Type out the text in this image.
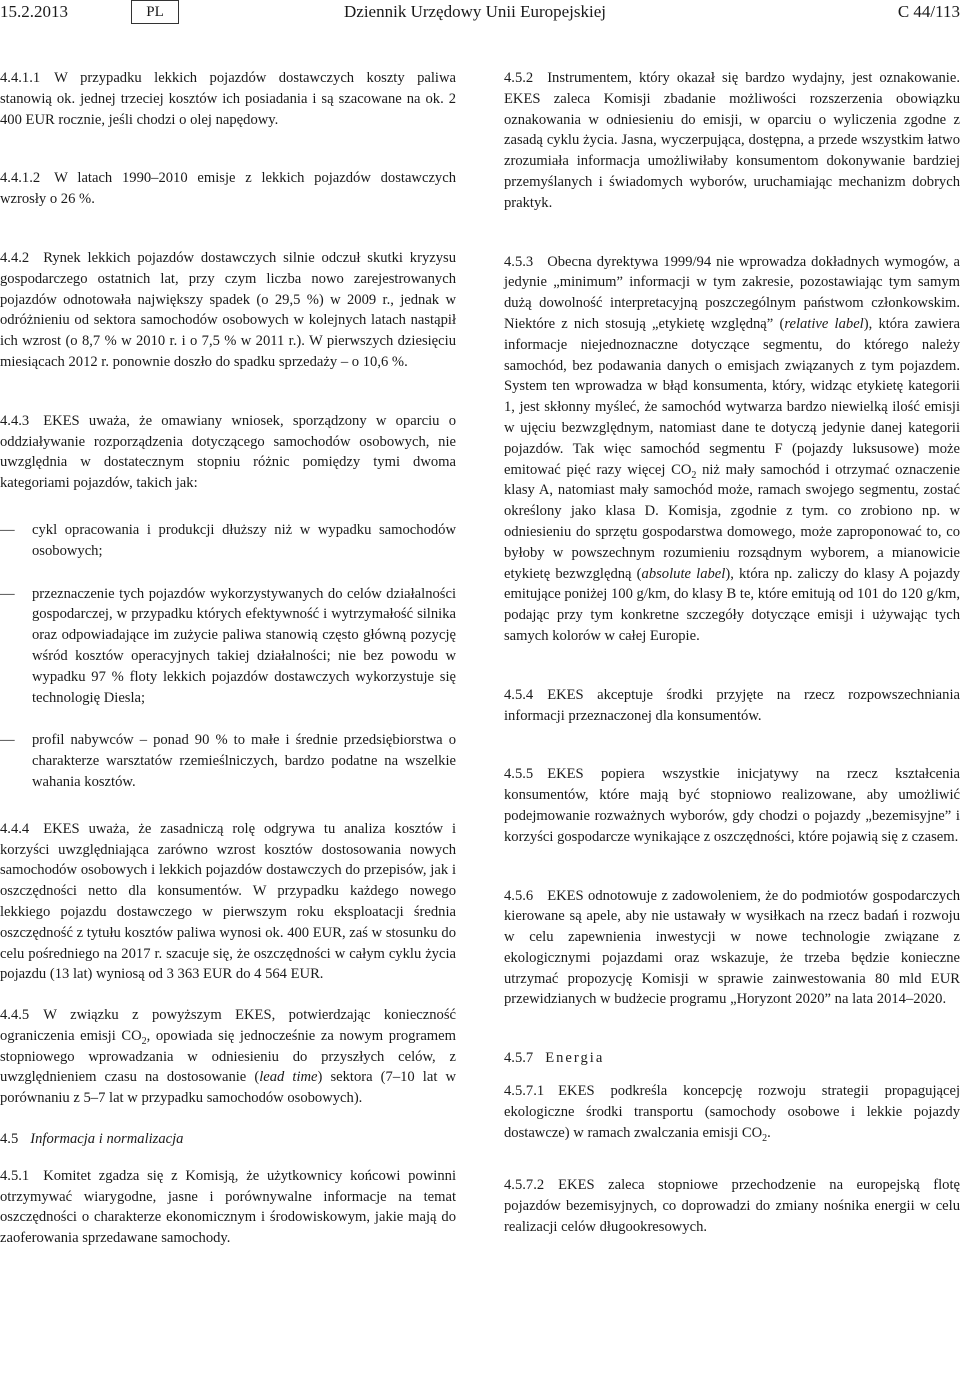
15.2.2013	PL	Dziennik Urzędowy Unii Europejskiej	C 44/113

4.4.1.1 W przypadku lekkich pojazdów dostawczych koszty paliwa stanowią ok. jednej trzeciej kosztów ich posiadania i są szacowane na ok. 2 400 EUR rocznie, jeśli chodzi o olej napędowy.

4.4.1.2 W latach 1990–2010 emisje z lekkich pojazdów dostawczych wzrosły o 26 %.

4.4.2 Rynek lekkich pojazdów dostawczych silnie odczuł skutki kryzysu gospodarczego ostatnich lat, przy czym liczba nowo zarejestrowanych pojazdów odnotowała największy spadek (o 29,5 %) w 2009 r., jednak w odróżnieniu od sektora samochodów osobowych w kolejnych latach nastąpił ich wzrost (o 8,7 % w 2010 r. i o 7,5 % w 2011 r.). W pierwszych dziesięciu miesiącach 2012 r. ponownie doszło do spadku sprzedaży – o 10,6 %.

4.4.3 EKES uważa, że omawiany wniosek, sporządzony w oparciu o oddziaływanie rozporządzenia dotyczącego samochodów osobowych, nie uwzględnia w dostatecznym stopniu różnic pomiędzy tymi dwoma kategoriami pojazdów, takich jak:

— cykl opracowania i produkcji dłuższy niż w wypadku samochodów osobowych;
— przeznaczenie tych pojazdów wykorzystywanych do celów działalności gospodarczej, w przypadku których efektywność i wytrzymałość silnika oraz odpowiadające im zużycie paliwa stanowią często główną pozycję wśród kosztów operacyjnych takiej działalności; nie bez powodu w wypadku 97 % floty lekkich pojazdów dostawczych wykorzystuje się technologię Diesla;
— profil nabywców – ponad 90 % to małe i średnie przedsiębiorstwa o charakterze warsztatów rzemieślniczych, bardzo podatne na wszelkie wahania kosztów.

4.4.4 EKES uważa, że zasadniczą rolę odgrywa tu analiza kosztów i korzyści uwzględniająca zarówno wzrost kosztów dostosowania nowych samochodów osobowych i lekkich pojazdów dostawczych do przepisów, jak i oszczędności netto dla konsumentów. W przypadku każdego nowego lekkiego pojazdu dostawczego w pierwszym roku eksploatacji średnia oszczędność z tytułu kosztów paliwa wynosi ok. 400 EUR, zaś w stosunku do celu pośredniego na 2017 r. szacuje się, że oszczędności w całym cyklu życia pojazdu (13 lat) wyniosą od 3 363 EUR do 4 564 EUR.

4.4.5 W związku z powyższym EKES, potwierdzając konieczność ograniczenia emisji $CO_2$, opowiada się jednocześnie za nowym programem stopniowego wprowadzania w odniesieniu do przyszłych celów, z uwzględnieniem czasu na dostosowanie (lead time) sektora (7–10 lat w porównaniu z 5–7 lat w przypadku samochodów osobowych).

4.5 Informacja i normalizacja

4.5.1 Komitet zgadza się z Komisją, że użytkownicy końcowi powinni otrzymywać wiarygodne, jasne i porównywalne informacje na temat oszczędności o charakterze ekonomicznym i środowiskowym, jakie mają do zaoferowania sprzedawane samochody.

4.5.2 Instrumentem, który okazał się bardzo wydajny, jest oznakowanie. EKES zaleca Komisji zbadanie możliwości rozszerzenia obowiązku oznakowania w odniesieniu do emisji, w oparciu o wyliczenia zgodne z zasadą cyklu życia. Jasna, wyczerpująca, dostępna, a przede wszystkim łatwo zrozumiała informacja umożliwiłaby konsumentom dokonywanie bardziej przemyślanych i świadomych wyborów, uruchamiając mechanizm dobrych praktyk.

4.5.3 Obecna dyrektywa 1999/94 nie wprowadza dokładnych wymogów, a jedynie „minimum” informacji w tym zakresie, pozostawiając tym samym dużą dowolność interpretacyjną poszczególnym państwom członkowskim. Niektóre z nich stosują „etykietę względną” (relative label), która zawiera informacje niejednoznaczne dotyczące segmentu, do którego należy samochód, bez podawania danych o emisjach związanych z tym pojazdem. System ten wprowadza w błąd konsumenta, który, widząc etykietę kategorii 1, jest skłonny myśleć, że samochód wytwarza bardzo niewielką ilość emisji w ujęciu bezwzględnym, natomiast dane te dotyczą jedynie danej kategorii pojazdów. Tak więc samochód segmentu F (pojazdy luksusowe) może emitować pięć razy więcej $CO_2$ niż mały samochód i otrzymać oznaczenie klasy A, natomiast mały samochód może, ramach swojego segmentu, zostać określony jako klasa D. Komisja, zgodnie z tym. co zrobiono np. w odniesieniu do sprzętu gospodarstwa domowego, może zaproponować to, co byłoby w powszechnym rozumieniu rozsądnym wyborem, a mianowicie etykietę bezwzględną (absolute label), która np. zaliczy do klasy A pojazdy emitujące poniżej 100 g/km, do klasy B te, które emitują od 101 do 120 g/km, podając przy tym konkretne szczegóły dotyczące emisji i używając tych samych kolorów w całej Europie.

4.5.4 EKES akceptuje środki przyjęte na rzecz rozpowszechniania informacji przeznaczonej dla konsumentów.

4.5.5 EKES popiera wszystkie inicjatywy na rzecz kształcenia konsumentów, które mają być stopniowo realizowane, aby umożliwić podejmowanie rozważnych wyborów, gdy chodzi o pojazdy „bezemisyjne” i korzyści gospodarcze wynikające z oszczędności, które pojawią się z czasem.

4.5.6 EKES odnotowuje z zadowoleniem, że do podmiotów gospodarczych kierowane są apele, aby nie ustawały w wysiłkach na rzecz badań i rozwoju w celu zapewnienia inwestycji w nowe technologie związane z ekologicznymi pojazdami oraz wskazuje, że trzeba będzie konieczne utrzymać propozycję Komisji w sprawie zainwestowania 80 mld EUR przewidzianych w budżecie programu „Horyzont 2020” na lata 2014–2020.

4.5.7 Energia

4.5.7.1 EKES podkreśla koncepcję rozwoju strategii propagującej ekologiczne środki transportu (samochody osobowe i lekkie pojazdy dostawcze) w ramach zwalczania emisji $CO_2$.

4.5.7.2 EKES zaleca stopniowe przechodzenie na europejską flotę pojazdów bezemisyjnych, co doprowadzi do zmiany nośnika energii w celu realizacji celów długookresowych.
